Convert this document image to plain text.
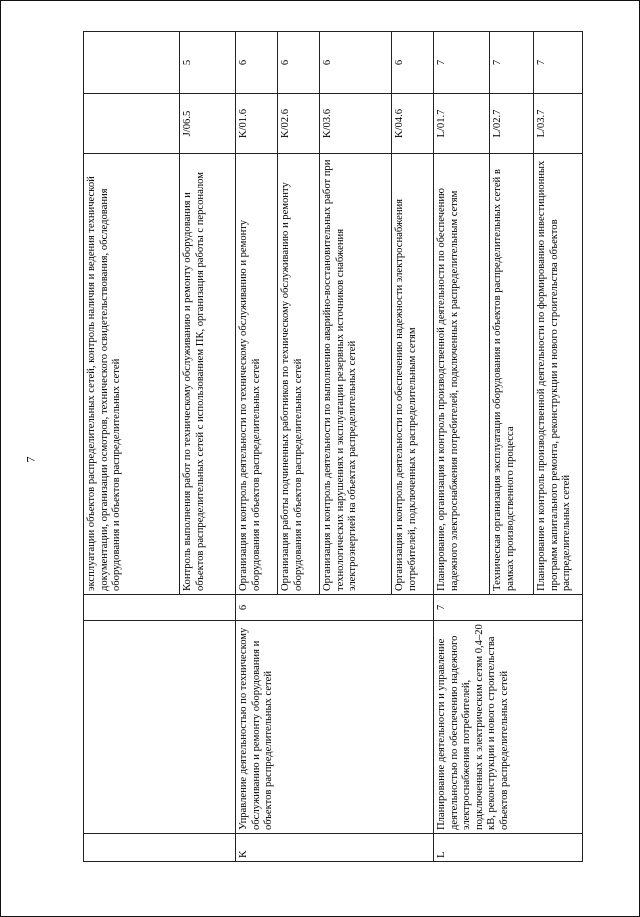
7
				эксплуатации объектов распределительных сетей, контроль наличия и ведения технической документации, организации осмотров, технического освидетельствования, обследования оборудования и объектов распределительных сетей		
			Контроль выполнения работ по техническому обслуживанию и ремонту оборудования и объектов распределительных сетей с использованием ПК, организация работы с персоналом	J/06.5	5
K	Управление деятельностью по техническому обслуживанию и ремонту оборудования и объектов распределительных сетей	6	Организация и контроль деятельности по техническому обслуживанию и ремонту оборудования и объектов распределительных сетей	K/01.6	6
			Организация работы подчиненных работников по техническому обслуживанию и ремонту оборудования и объектов распределительных сетей	K/02.6	6
			Организация и контроль деятельности по выполнению аварийно-восстановительных работ при технологических нарушениях и эксплуатации резервных источников снабжения электроэнергией на объектах распределительных сетей	K/03.6	6
			Организация и контроль деятельности по обеспечению надежности электроснабжения потребителей, подключенных к распределительным сетям	K/04.6	6
L	Планирование деятельности и управление деятельностью по обеспечению надежного электроснабжения потребителей, подключенных к электрическим сетям 0,4–20 кВ, реконструкции и нового строительства объектов распределительных сетей	7	Планирование, организация и контроль производственной деятельности по обеспечению надежного электроснабжения потребителей, подключенных к распределительным сетям	L/01.7	7
			Техническая организация эксплуатации оборудования и объектов распределительных сетей в рамках производственного процесса	L/02.7	7
			Планирование и контроль производственной деятельности по формированию инвестиционных программ капитального ремонта, реконструкции и нового строительства объектов распределительных сетей	L/03.7	7
